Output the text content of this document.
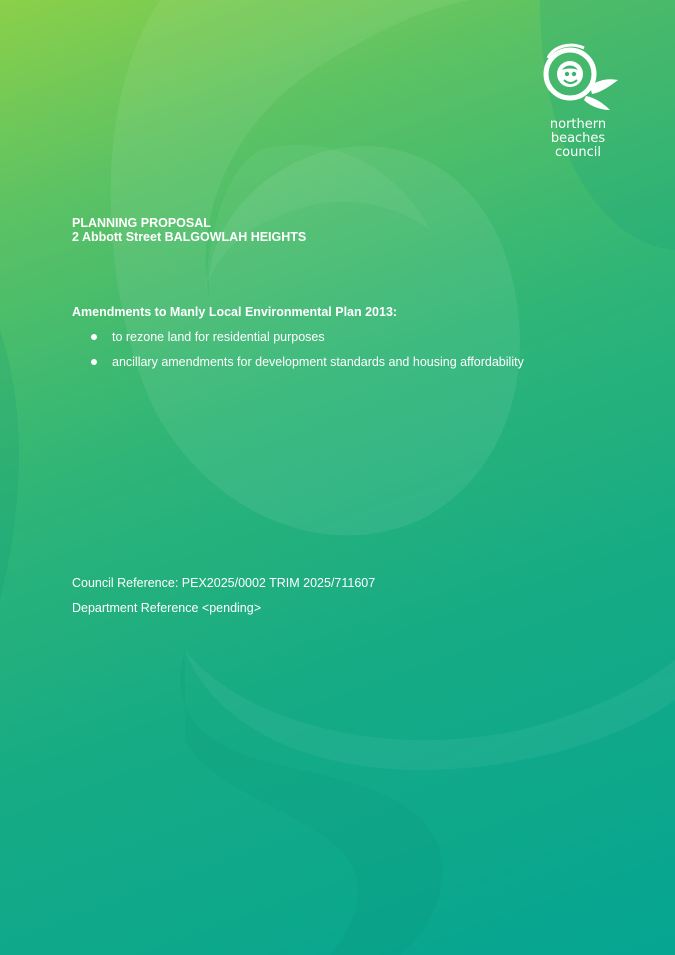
northern
beaches
council
PLANNING PROPOSAL
2 Abbott Street BALGOWLAH HEIGHTS
Amendments to Manly Local Environmental Plan 2013:
to rezone land for residential purposes
ancillary amendments for development standards and housing affordability
Council Reference: PEX2025/0002 TRIM 2025/711607
Department Reference <pending>
